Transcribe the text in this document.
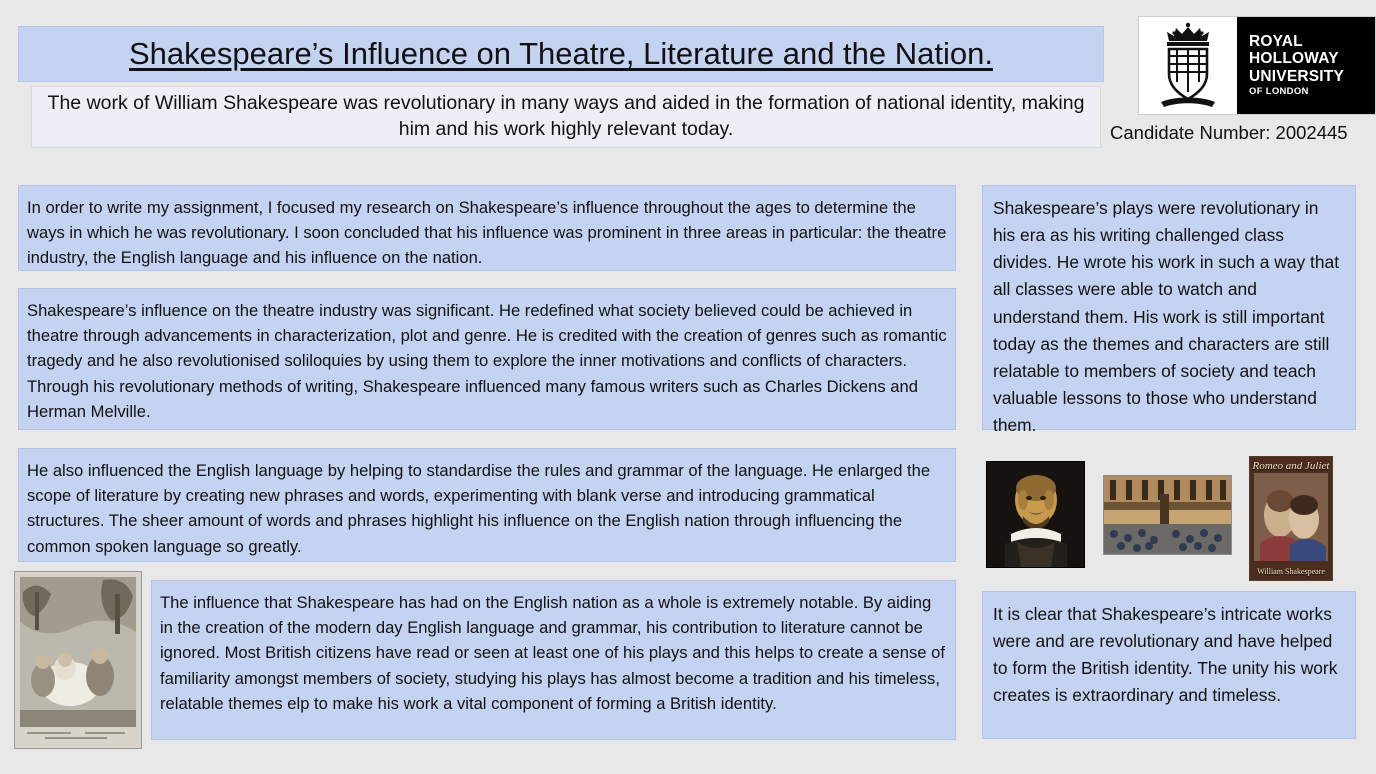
Shakespeare’s Influence on Theatre, Literature and the Nation.
The work of William Shakespeare was revolutionary in many ways and aided in the formation of national identity, making him and his work highly relevant today.
ROYAL
HOLLOWAY
UNIVERSITY
OF LONDON
Candidate Number: 2002445

In order to write my assignment, I focused my research on Shakespeare’s influence throughout the ages to determine the ways in which he was revolutionary. I soon concluded that his influence was prominent in three areas in particular: the theatre industry, the English language and his influence on the nation.

Shakespeare’s influence on the theatre industry was significant. He redefined what society believed could be achieved in theatre through advancements in characterization, plot and genre. He is credited with the creation of genres such as romantic tragedy and he also revolutionised soliloquies by using them to explore the inner motivations and conflicts of characters. Through his revolutionary methods of writing, Shakespeare influenced many famous writers such as Charles Dickens and Herman Melville.

He also influenced the English language by helping to standardise the rules and grammar of the language. He enlarged the scope of literature by creating new phrases and words, experimenting with blank verse and introducing grammatical structures. The sheer amount of words and phrases highlight his influence on the English nation through influencing the common spoken language so greatly.

The influence that Shakespeare has had on the English nation as a whole is extremely notable. By aiding in the creation of the modern day English language and grammar, his contribution to literature cannot be ignored. Most British citizens have read or seen at least one of his plays and this helps to create a sense of familiarity amongst members of society, studying his plays has almost become a tradition and his timeless, relatable themes elp to make his work a vital component of forming a British identity.

Shakespeare’s plays were revolutionary in his era as his writing challenged class divides. He wrote his work in such a way that all classes were able to watch and understand them. His work is still important today as the themes and characters are still relatable to members of society and teach valuable lessons to those who understand them.

It is clear that Shakespeare’s intricate works were and are revolutionary and have helped to form the British identity. The unity his work creates is extraordinary and timeless.

Romeo and Juliet
William Shakespeare
